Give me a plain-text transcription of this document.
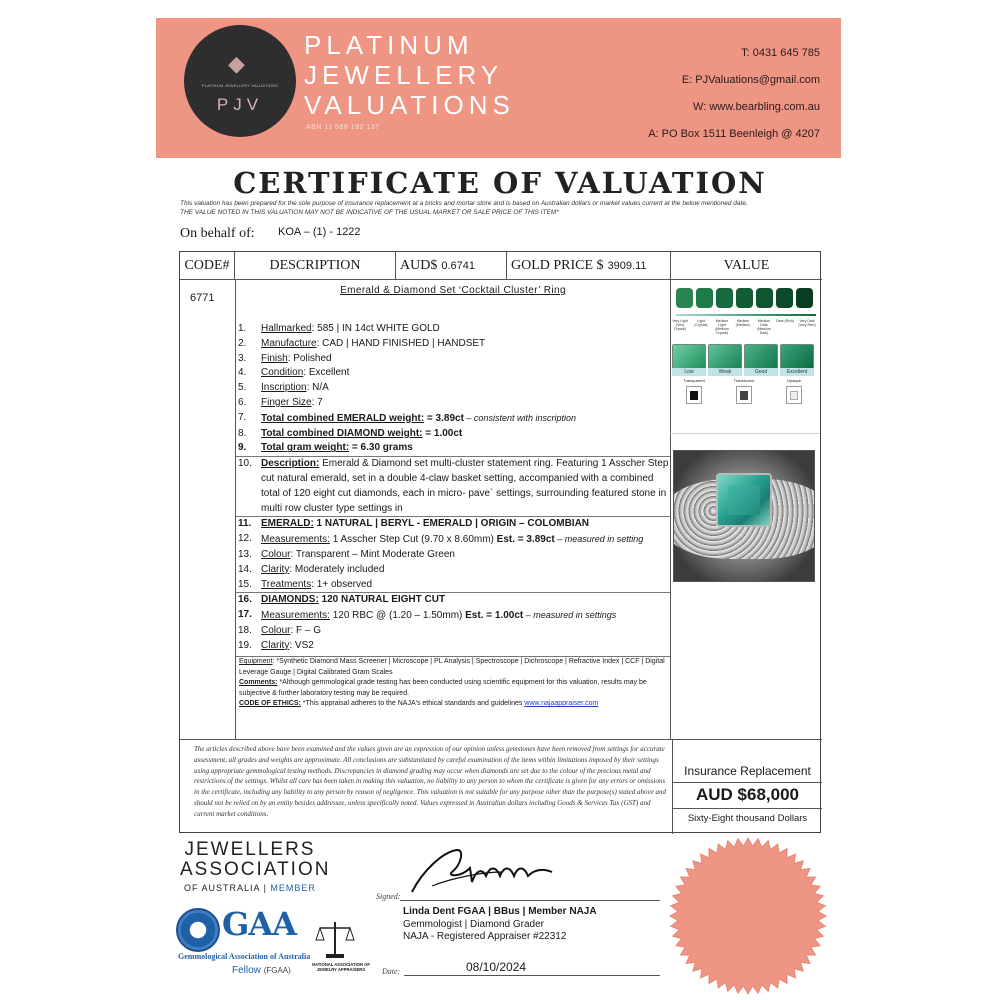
◆
PLATINUM JEWELLERY VALUATIONS
PJV
PLATINUM
JEWELLERY
VALUATIONS
ABN 11 588 192 137
T: 0431 645 785
E: PJValuations@gmail.com
W: www.bearbling.com.au
A: PO Box 1511 Beenleigh @ 4207
CERTIFICATE OF VALUATION
This valuation has been prepared for the sole purpose of insurance replacement at a bricks and mortar store and is based on Australian dollars or market values current at the below mentioned date.
THE VALUE NOTED IN THIS VALUATION MAY NOT BE INDICATIVE OF THE USUAL MARKET OR SALE PRICE OF THIS ITEM*
On behalf of: KOA – (1) - 1222
CODE#	DESCRIPTION	AUD$ 0.6741	GOLD PRICE $ 3909.11	VALUE
6771
Emerald & Diamond Set ‘Cocktail Cluster’ Ring
1. Hallmarked: 585 | IN 14ct WHITE GOLD
2. Manufacture: CAD | HAND FINISHED | HANDSET
3. Finish: Polished
4. Condition: Excellent
5. Inscription: N/A
6. Finger Size: 7
7. Total combined EMERALD weight: = 3.89ct – consistent with inscription
8. Total combined DIAMOND weight: = 1.00ct
9. Total gram weight: = 6.30 grams
10. Description: Emerald & Diamond set multi-cluster statement ring. Featuring 1 Asscher Step cut natural emerald, set in a double 4-claw basket setting, accompanied with a combined total of 120 eight cut diamonds, each in micro- pave` settings, surrounding featured stone in multi row cluster type settings in
11. EMERALD: 1 NATURAL | BERYL - EMERALD | ORIGIN – COLOMBIAN
12. Measurements: 1 Asscher Step Cut (9.70 x 8.60mm) Est. = 3.89ct – measured in setting
13. Colour: Transparent – Mint Moderate Green
14. Clarity: Moderately included
15. Treatments: 1+ observed
16. DIAMONDS: 120 NATURAL EIGHT CUT
17. Measurements: 120 RBC @ (1.20 – 1.50mm) Est. = 1.00ct – measured in settings
18. Colour: F – G
19. Clarity: VS2
Equipment: *Synthetic Diamond Mass Screener | Microscope | PL Analysis | Spectroscope | Dichroscope | Refractive Index | CCF | Digital Leverage Gauge | Digital Calibrated Gram Scales
Comments: *Although gemmological grade testing has been conducted using scientific equipment for this valuation, results may be subjective & further laboratory testing may be required.
CODE OF ETHICS: *This appraisal adheres to the NAJA's ethical standards and guidelines www.najaappraiser.com
The articles described above have been examined and the values given are an expression of our opinion unless gemstones have been removed from settings for accurate assessment, all grades and weights are approximate. All conclusions are substantiated by careful examination of the items within limitations imposed by their settings using appropriate gemmological testing methods. Discrepancies in diamond grading may occur when diamonds are set due to the colour of the precious metal and restrictions of the settings. Whilst all care has been taken in making this valuation, no liability to any person to whom the certificate is given for any errors or omissions in the certificate, including any liability to any person by reason of negligence. This valuation is not suitable for any purpose other than the purpose(s) stated above and should not be relied on by an entity besides addressee, unless specifically noted. Values expressed in Australian dollars including Goods & Services Tax (GST) and current market conditions.
Insurance Replacement
AUD $68,000
Sixty-Eight thousand Dollars
Very Light (Very Crystal)
Light (Crystal)
Medium Light (Medium Crystal)
Medium (Medium)
Medium Dark (Medium Dark)
Dark (Rich)	Very Dark (Very Rich)
Low	Weak	Good	Excellent
Transparent	Translucent	Opaque
JEWELLERS
ASSOCIATION
OF AUSTRALIA | MEMBER
GAA
Gemmological Association of Australia
Fellow (FGAA)
NATIONAL ASSOCIATION OF JEWELRY APPRAISERS
Signed:
Linda Dent FGAA | BBus | Member NAJA
Gemmologist | Diamond Grader
NAJA - Registered Appraiser #22312
Date:	08/10/2024
